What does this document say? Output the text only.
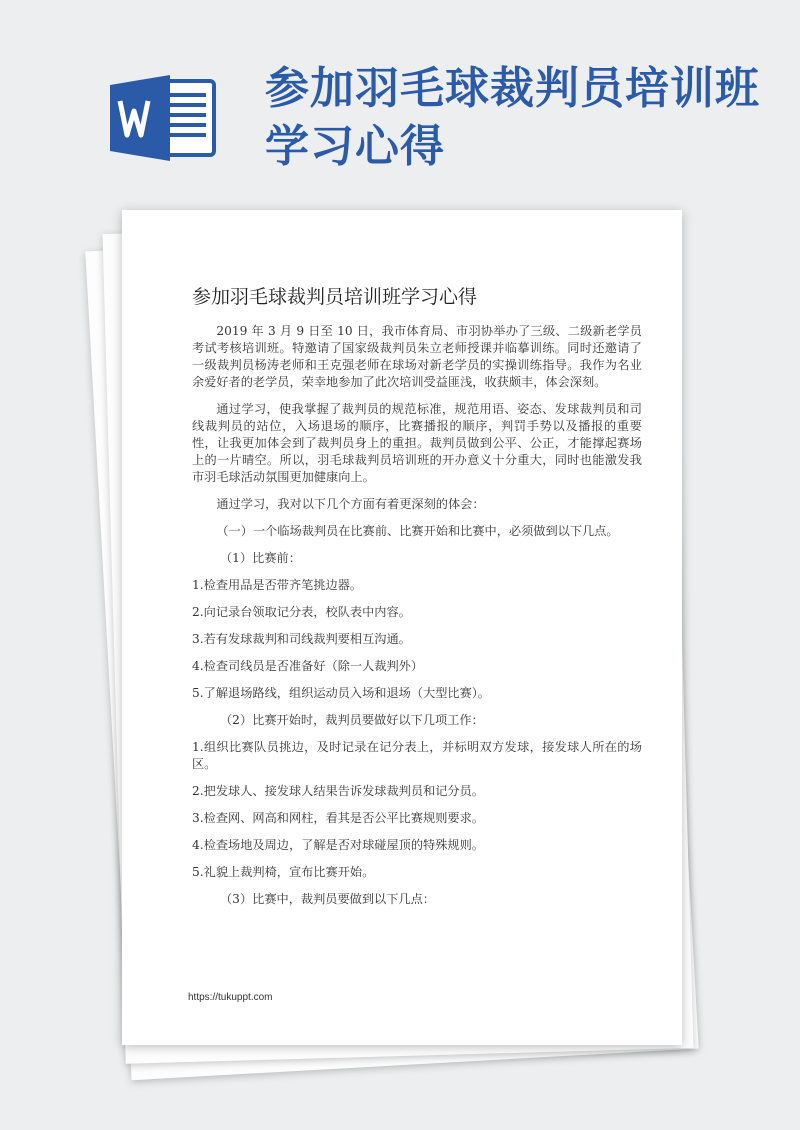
参加羽毛球裁判员培训班学习心得
参加羽毛球裁判员培训班学习心得

2019 年 3 月 9 日至 10 日，我市体育局、市羽协举办了三级、二级新老学员考试考核培训班。特邀请了国家级裁判员朱立老师授课并临摹训练。同时还邀请了一级裁判员杨涛老师和王克强老师在球场对新老学员的实操训练指导。我作为名业余爱好者的老学员，荣幸地参加了此次培训受益匪浅，收获颇丰，体会深刻。

通过学习，使我掌握了裁判员的规范标准，规范用语、姿态、发球裁判员和司线裁判员的站位，入场退场的顺序，比赛播报的顺序，判罚手势以及播报的重要性，让我更加体会到了裁判员身上的重担。裁判员做到公平、公正，才能撑起赛场上的一片晴空。所以，羽毛球裁判员培训班的开办意义十分重大，同时也能激发我市羽毛球活动氛围更加健康向上。

通过学习，我对以下几个方面有着更深刻的体会：

（一）一个临场裁判员在比赛前、比赛开始和比赛中，必须做到以下几点。

（1）比赛前：

1.检查用品是否带齐笔挑边器。

2.向记录台领取记分表，校队表中内容。

3.若有发球裁判和司线裁判要相互沟通。

4.检查司线员是否准备好（除一人裁判外）

5.了解退场路线，组织运动员入场和退场（大型比赛）。

（2）比赛开始时，裁判员要做好以下几项工作：

1.组织比赛队员挑边，及时记录在记分表上，并标明双方发球，接发球人所在的场区。

2.把发球人、接发球人结果告诉发球裁判员和记分员。

3.检查网、网高和网柱，看其是否公平比赛规则要求。

4.检查场地及周边，了解是否对球碰屋顶的特殊规则。

5.礼貌上裁判椅，宣布比赛开始。

（3）比赛中，裁判员要做到以下几点：

https://tukuppt.com
